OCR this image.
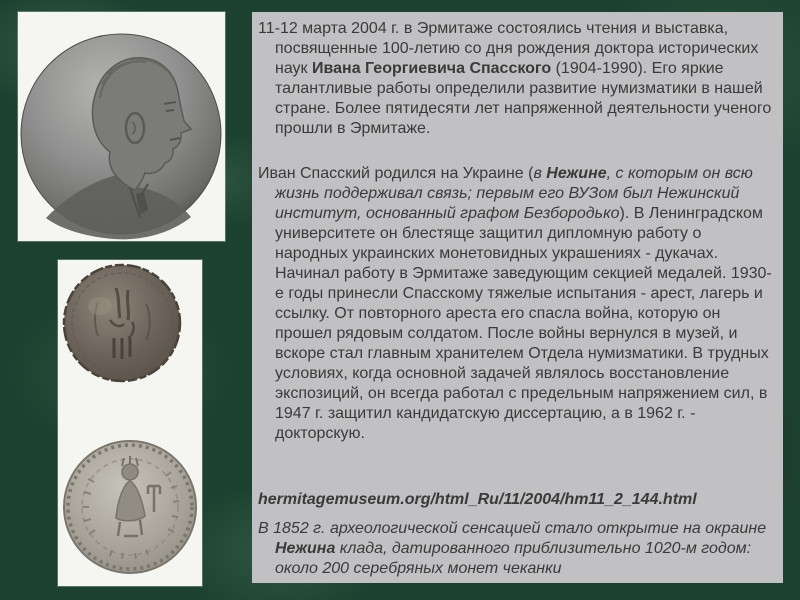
11-12 марта 2004 г. в Эрмитаже состоялись чтения и выставка, посвященные 100-летию со дня рождения доктора исторических наук Ивана Георгиевича Спасского (1904-1990). Его яркие талантливые работы определили развитие нумизматики в нашей стране. Более пятидесяти лет напряженной деятельности ученого прошли в Эрмитаже.

Иван Спасский родился на Украине (в Нежине, с которым он всю жизнь поддерживал связь; первым его ВУЗом был Нежинский институт, основанный графом Безбородько). В Ленинградском университете он блестяще защитил дипломную работу о народных украинских монетовидных украшениях - дукачах. Начинал работу в Эрмитаже заведующим секцией медалей. 1930-е годы принесли Спасскому тяжелые испытания - арест, лагерь и ссылку. От повторного ареста его спасла война, которую он прошел рядовым солдатом. После войны вернулся в музей, и вскоре стал главным хранителем Отдела нумизматики. В трудных условиях, когда основной задачей являлось восстановление экспозиций, он всегда работал с предельным напряжением сил, в 1947 г. защитил кандидатскую диссертацию, а в 1962 г. - докторскую.

hermitagemuseum.org/html_Ru/11/2004/hm11_2_144.html

В 1852 г. археологической сенсацией стало открытие на окраине Нежина клада, датированного приблизительно 1020-м годом: около 200 серебряных монет чеканки
